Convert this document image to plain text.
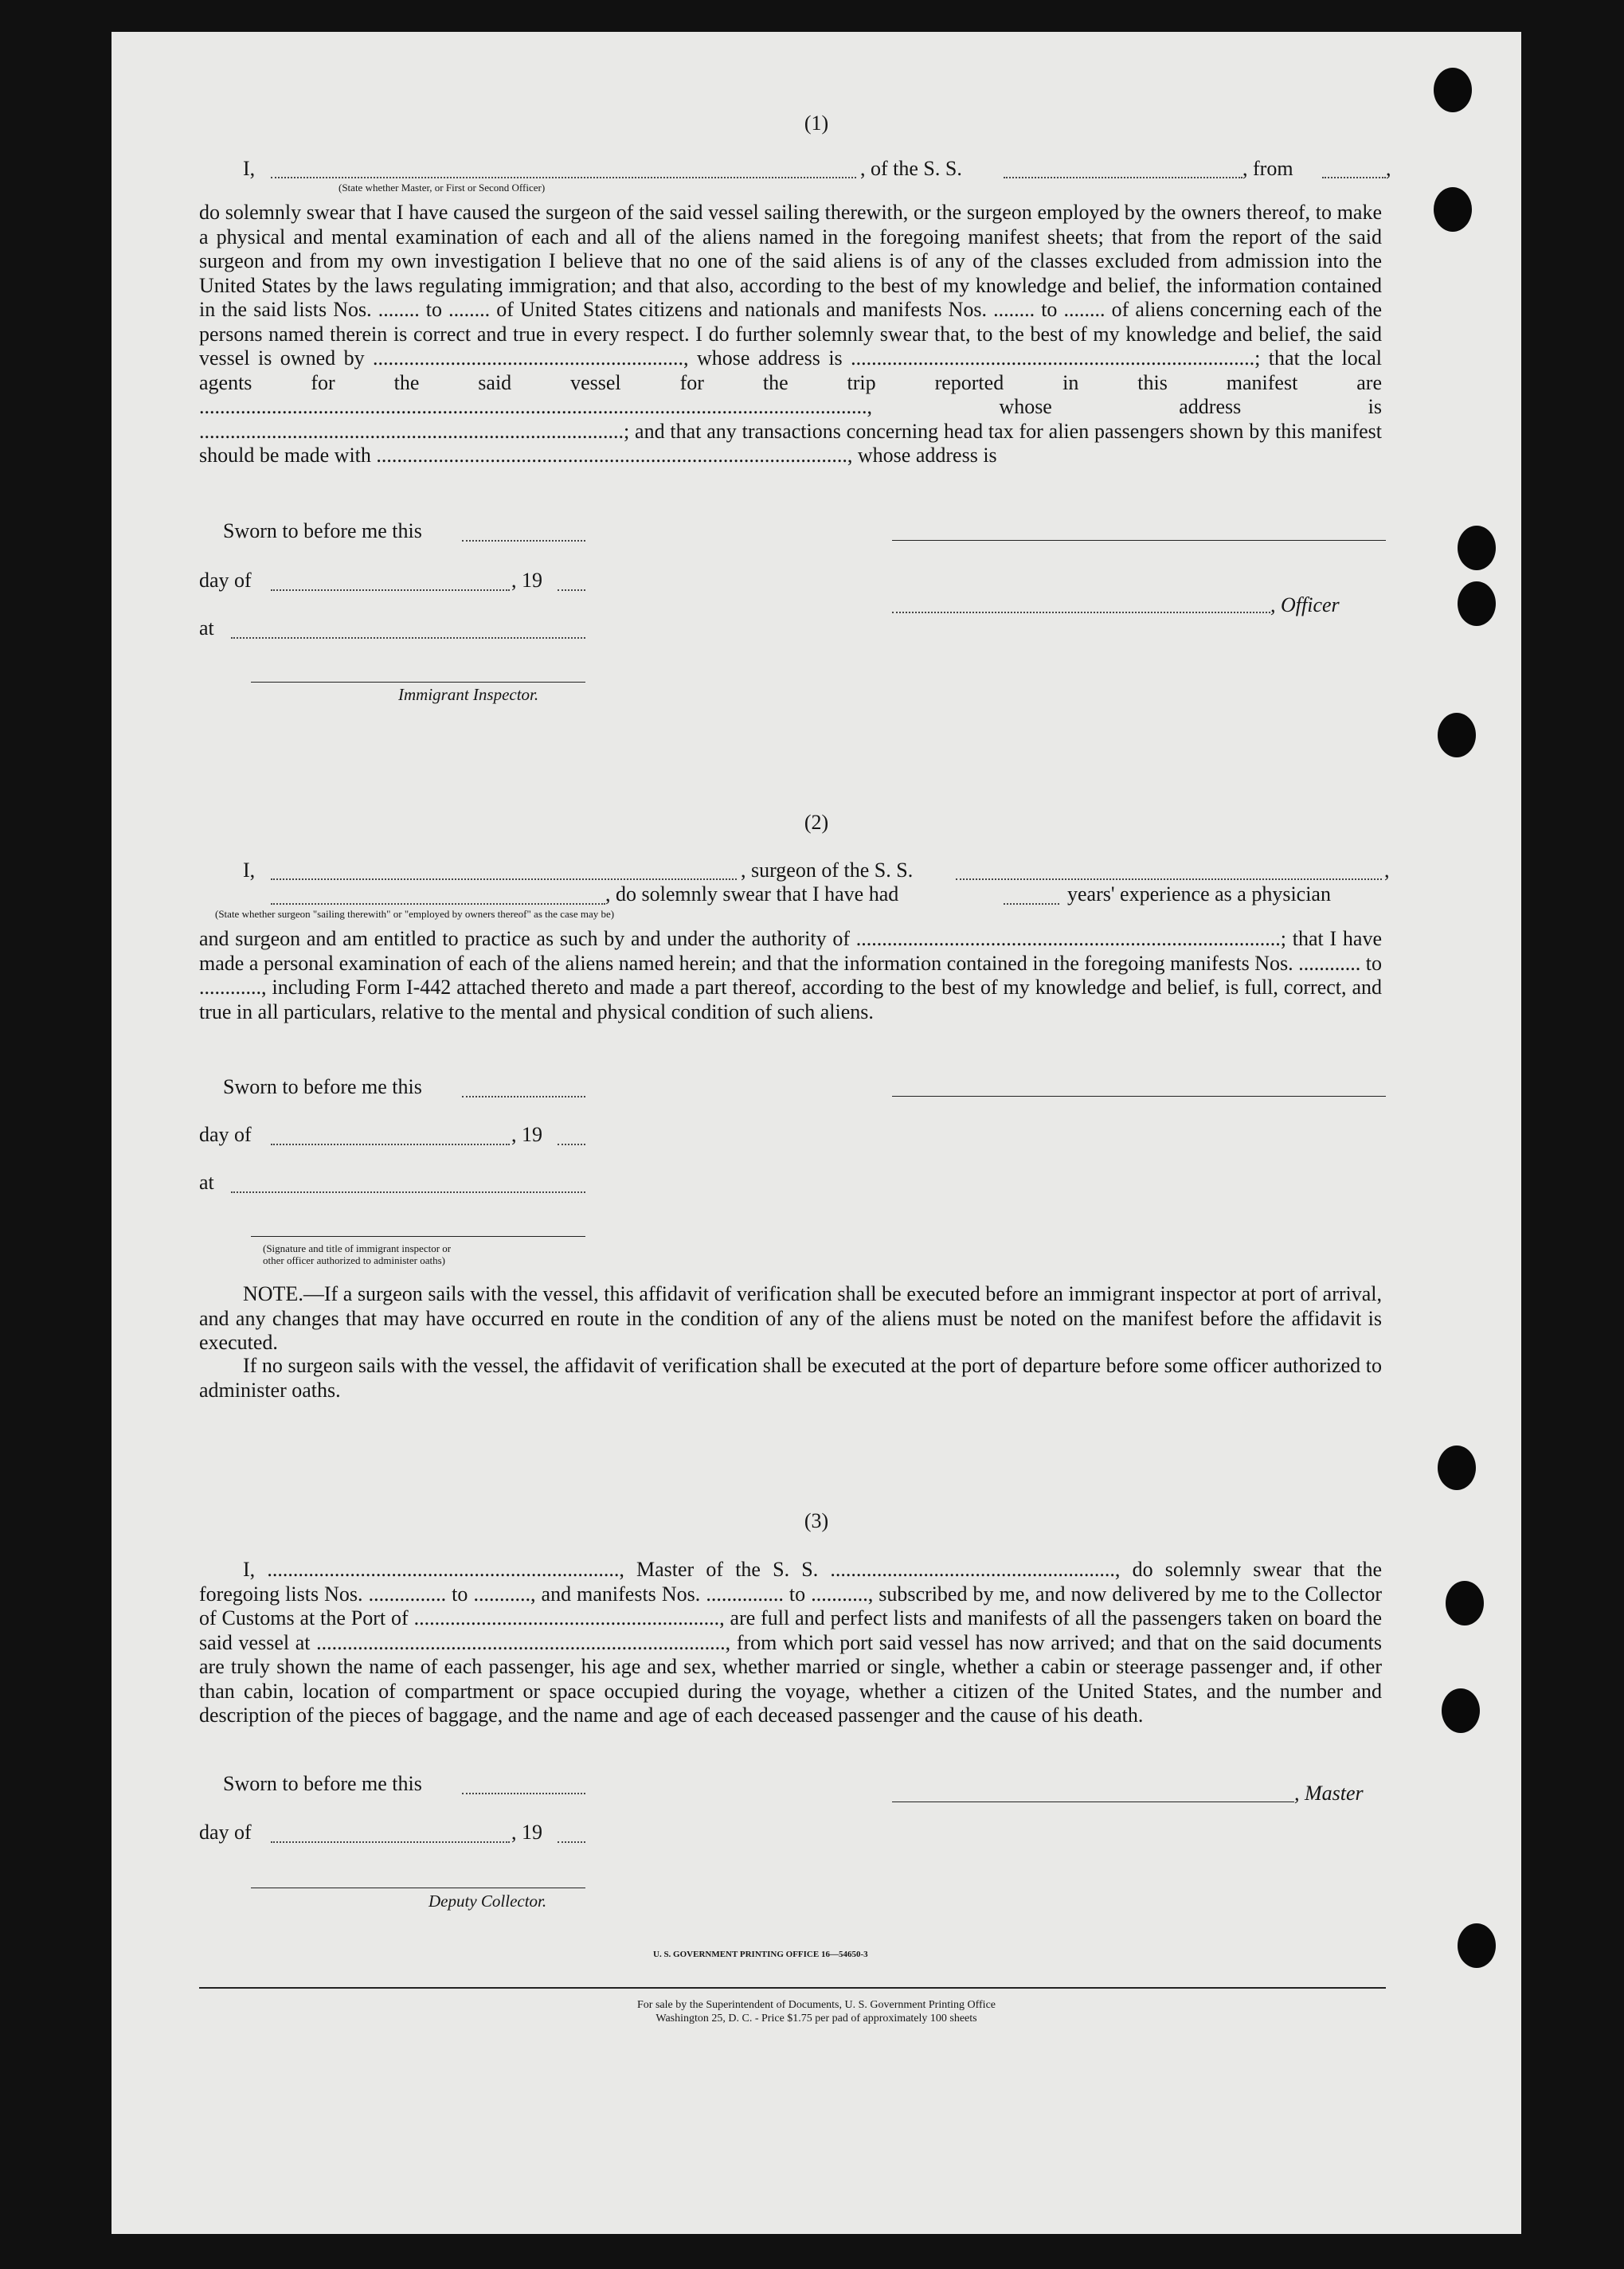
(1)
I,	, of the S. S.	, from	,
(State whether Master, or First or Second Officer)
do solemnly swear that I have caused the surgeon of the said vessel sailing therewith, or the surgeon employed by the owners thereof, to make a physical and mental examination of each and all of the aliens named in the foregoing manifest sheets; that from the report of the said surgeon and from my own investigation I believe that no one of the said aliens is of any of the classes excluded from admission into the United States by the laws regulating immigration; and that also, according to the best of my knowledge and belief, the information contained in the said lists Nos. ........ to ........ of United States citizens and nationals and manifests Nos. ........ to ........ of aliens concerning each of the persons named therein is correct and true in every respect. I do further solemnly swear that, to the best of my knowledge and belief, the said vessel is owned by ............................................................, whose address is ..............................................................................; that the local agents for the said vessel for the trip reported in this manifest are ................................................................................................................................., whose address is ..................................................................................; and that any transactions concerning head tax for alien passengers shown by this manifest should be made with ..........................................................................................., whose address is
Sworn to before me this
day of	, 19
, Officer
at
Immigrant Inspector.
(2)
I,	, surgeon of the S. S.	,
, do solemnly swear that I have had	years' experience as a physician
(State whether surgeon "sailing therewith" or "employed by owners thereof" as the case may be)
and surgeon and am entitled to practice as such by and under the authority of ..................................................................................; that I have made a personal examination of each of the aliens named herein; and that the information contained in the foregoing manifests Nos. ............ to ............, including Form I-442 attached thereto and made a part thereof, according to the best of my knowledge and belief, is full, correct, and true in all particulars, relative to the mental and physical condition of such aliens.
Sworn to before me this
day of	, 19
at
(Signature and title of immigrant inspector or
other officer authorized to administer oaths)
NOTE.—If a surgeon sails with the vessel, this affidavit of verification shall be executed before an immigrant inspector at port of arrival, and any changes that may have occurred en route in the condition of any of the aliens must be noted on the manifest before the affidavit is executed.
If no surgeon sails with the vessel, the affidavit of verification shall be executed at the port of departure before some officer authorized to administer oaths.
(3)
I, ...................................................................., Master of the S. S. ......................................................., do solemnly swear that the foregoing lists Nos. ............... to ..........., and manifests Nos. ............... to ..........., subscribed by me, and now delivered by me to the Collector of Customs at the Port of ..........................................................., are full and perfect lists and manifests of all the passengers taken on board the said vessel at ..............................................................................., from which port said vessel has now arrived; and that on the said documents are truly shown the name of each passenger, his age and sex, whether married or single, whether a cabin or steerage passenger and, if other than cabin, location of compartment or space occupied during the voyage, whether a citizen of the United States, and the number and description of the pieces of baggage, and the name and age of each deceased passenger and the cause of his death.
Sworn to before me this	, Master
day of	, 19
Deputy Collector.
U. S. GOVERNMENT PRINTING OFFICE 16—54650-3
For sale by the Superintendent of Documents, U. S. Government Printing Office
Washington 25, D. C. - Price $1.75 per pad of approximately 100 sheets
